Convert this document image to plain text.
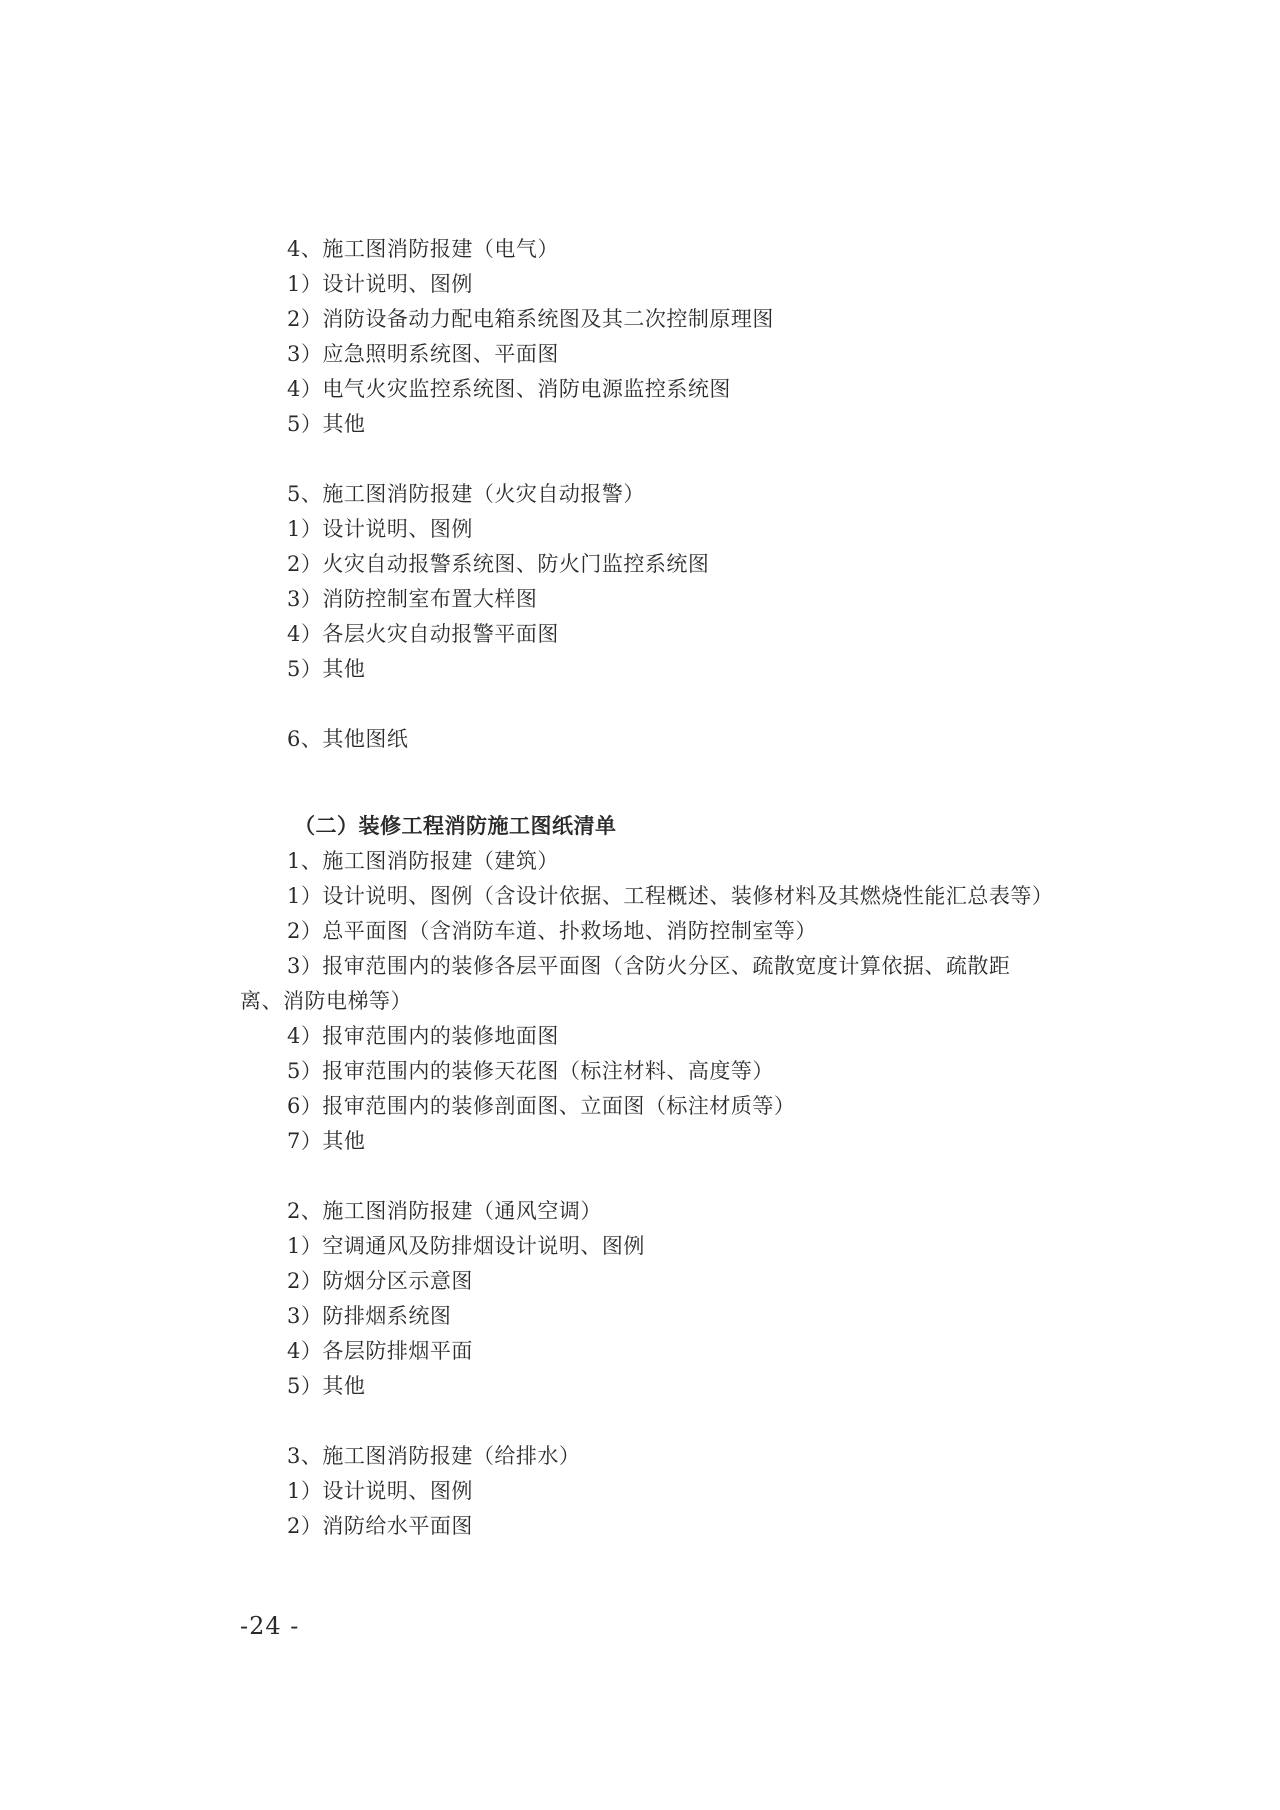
4、施工图消防报建（电气）
1）设计说明、图例
2）消防设备动力配电箱系统图及其二次控制原理图
3）应急照明系统图、平面图
4）电气火灾监控系统图、消防电源监控系统图
5）其他
5、施工图消防报建（火灾自动报警）
1）设计说明、图例
2）火灾自动报警系统图、防火门监控系统图
3）消防控制室布置大样图
4）各层火灾自动报警平面图
5）其他
6、其他图纸
（二）装修工程消防施工图纸清单
1、施工图消防报建（建筑）
1）设计说明、图例（含设计依据、工程概述、装修材料及其燃烧性能汇总表等）
2）总平面图（含消防车道、扑救场地、消防控制室等）
3）报审范围内的装修各层平面图（含防火分区、疏散宽度计算依据、疏散距离、消防电梯等）
4）报审范围内的装修地面图
5）报审范围内的装修天花图（标注材料、高度等）
6）报审范围内的装修剖面图、立面图（标注材质等）
7）其他
2、施工图消防报建（通风空调）
1）空调通风及防排烟设计说明、图例
2）防烟分区示意图
3）防排烟系统图
4）各层防排烟平面
5）其他
3、施工图消防报建（给排水）
1）设计说明、图例
2）消防给水平面图
-24 -
